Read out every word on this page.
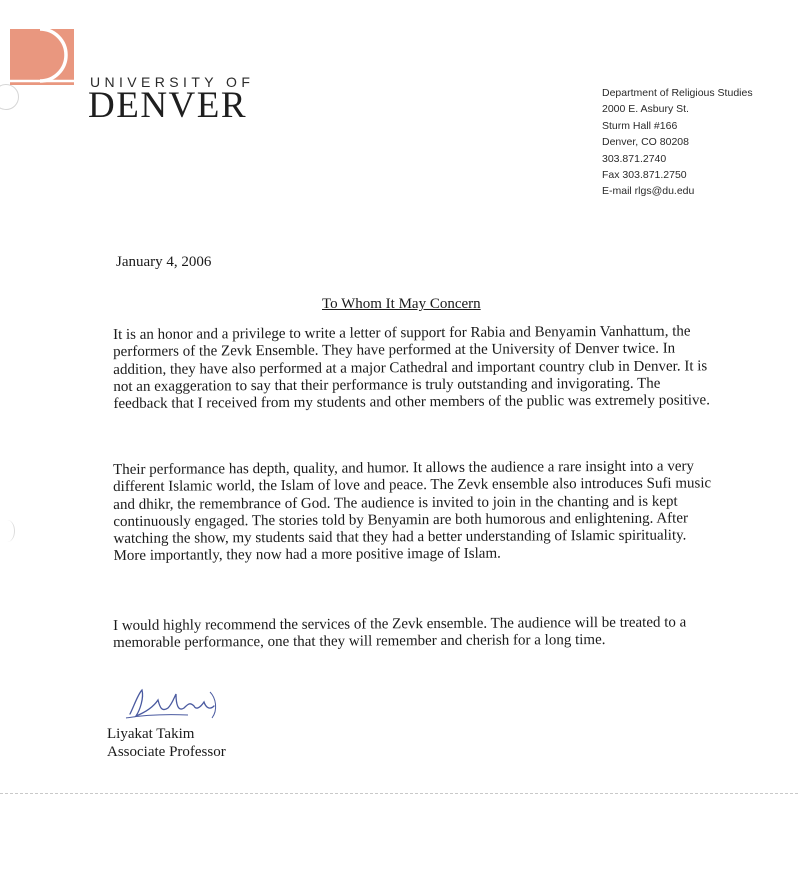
UNIVERSITY OF
DENVER	Department of Religious Studies
2000 E. Asbury St.
Sturm Hall #166
Denver, CO 80208
303.871.2740
Fax 303.871.2750
E-mail rlgs@du.edu
January 4, 2006
To Whom It May Concern

It is an honor and a privilege to write a letter of support for Rabia and Benyamin Vanhattum, the performers of the Zevk Ensemble. They have performed at the University of Denver twice. In addition, they have also performed at a major Cathedral and important country club in Denver. It is not an exaggeration to say that their performance is truly outstanding and invigorating. The feedback that I received from my students and other members of the public was extremely positive.

Their performance has depth, quality, and humor. It allows the audience a rare insight into a very different Islamic world, the Islam of love and peace. The Zevk ensemble also introduces Sufi music and dhikr, the remembrance of God. The audience is invited to join in the chanting and is kept continuously engaged. The stories told by Benyamin are both humorous and enlightening. After watching the show, my students said that they had a better understanding of Islamic spirituality. More importantly, they now had a more positive image of Islam.

I would highly recommend the services of the Zevk ensemble. The audience will be treated to a memorable performance, one that they will remember and cherish for a long time.

Liyakat Takim
Associate Professor
